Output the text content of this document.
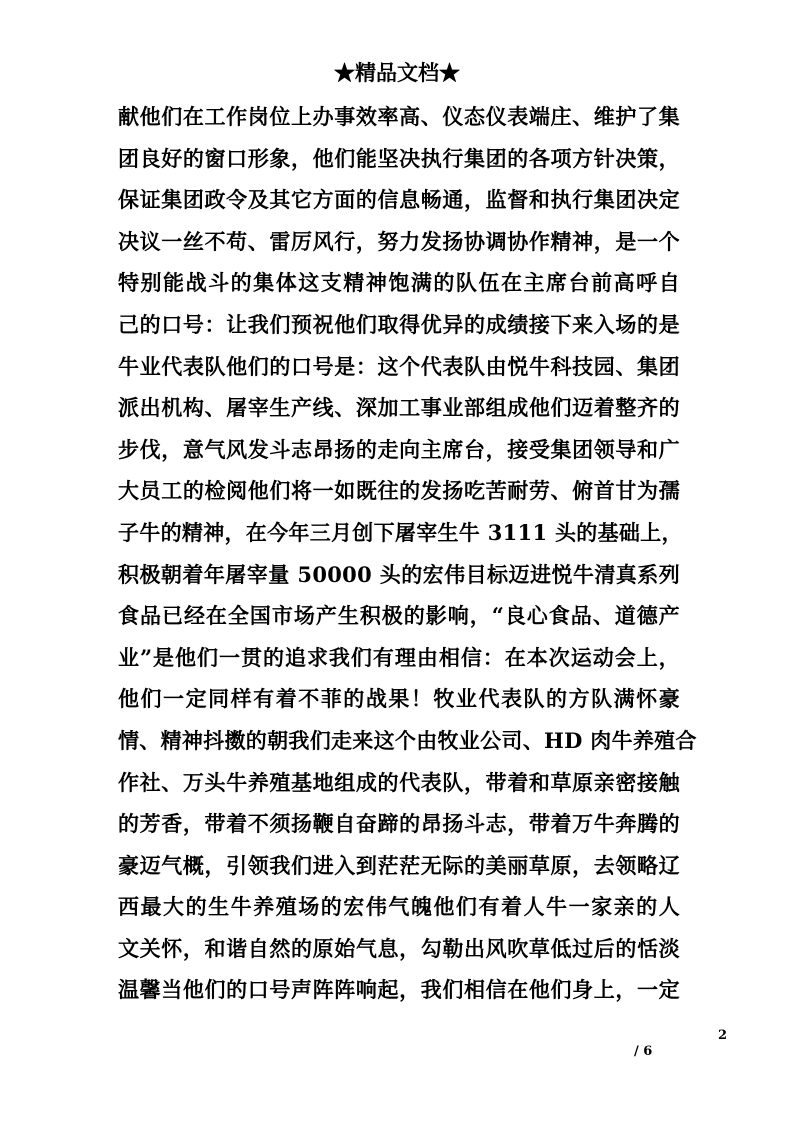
★精品文档★
献他们在工作岗位上办事效率高、仪态仪表端庄、维护了集
团良好的窗口形象，他们能坚决执行集团的各项方针决策，
保证集团政令及其它方面的信息畅通，监督和执行集团决定
决议一丝不苟、雷厉风行，努力发扬协调协作精神，是一个
特别能战斗的集体这支精神饱满的队伍在主席台前高呼自
己的口号：让我们预祝他们取得优异的成绩接下来入场的是
牛业代表队他们的口号是：这个代表队由悦牛科技园、集团
派出机构、屠宰生产线、深加工事业部组成他们迈着整齐的
步伐，意气风发斗志昂扬的走向主席台，接受集团领导和广
大员工的检阅他们将一如既往的发扬吃苦耐劳、俯首甘为孺
子牛的精神，在今年三月创下屠宰生牛 3111 头的基础上，
积极朝着年屠宰量 50000 头的宏伟目标迈进悦牛清真系列
食品已经在全国市场产生积极的影响，“良心食品、道德产
业”是他们一贯的追求我们有理由相信：在本次运动会上，
他们一定同样有着不菲的战果！牧业代表队的方队满怀豪
情、精神抖擞的朝我们走来这个由牧业公司、HD 肉牛养殖合
作社、万头牛养殖基地组成的代表队，带着和草原亲密接触
的芳香，带着不须扬鞭自奋蹄的昂扬斗志，带着万牛奔腾的
豪迈气概，引领我们进入到茫茫无际的美丽草原，去领略辽
西最大的生牛养殖场的宏伟气魄他们有着人牛一家亲的人
文关怀，和谐自然的原始气息，勾勒出风吹草低过后的恬淡
温馨当他们的口号声阵阵响起，我们相信在他们身上，一定
2
/ 6
